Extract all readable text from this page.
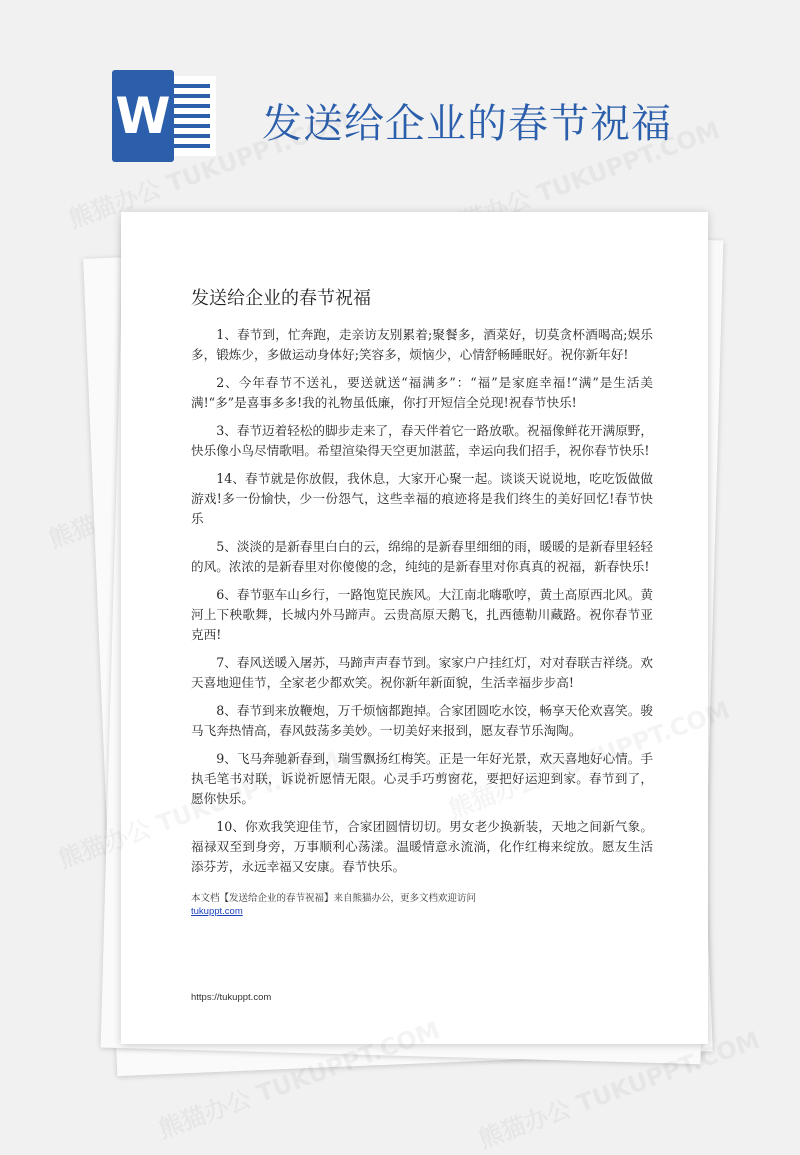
W 发送给企业的春节祝福
发送给企业的春节祝福

1、春节到，忙奔跑，走亲访友别累着;聚餐多，酒菜好，切莫贪杯酒喝高;娱乐多，锻炼少，多做运动身体好;笑容多，烦恼少，心情舒畅睡眠好。祝你新年好!

2、今年春节不送礼，要送就送“福满多”：“福”是家庭幸福!“满”是生活美满!“多”是喜事多多!我的礼物虽低廉，你打开短信全兑现!祝春节快乐!

3、春节迈着轻松的脚步走来了，春天伴着它一路放歌。祝福像鲜花开满原野，快乐像小鸟尽情歌唱。希望渲染得天空更加湛蓝，幸运向我们招手，祝你春节快乐!

14、春节就是你放假，我休息，大家开心聚一起。谈谈天说说地，吃吃饭做做游戏!多一份愉快，少一份怨气，这些幸福的痕迹将是我们终生的美好回忆!春节快乐

5、淡淡的是新春里白白的云，绵绵的是新春里细细的雨，暖暖的是新春里轻轻的风。浓浓的是新春里对你傻傻的念，纯纯的是新春里对你真真的祝福，新春快乐!

6、春节驱车山乡行，一路饱览民族风。大江南北嗨歌哼，黄土高原西北风。黄河上下秧歌舞，长城内外马蹄声。云贵高原天鹅飞，扎西德勒川藏路。祝你春节亚克西!

7、春风送暖入屠苏，马蹄声声春节到。家家户户挂红灯，对对春联吉祥绕。欢天喜地迎佳节，全家老少都欢笑。祝你新年新面貌，生活幸福步步高!

8、春节到来放鞭炮，万千烦恼都跑掉。合家团圆吃水饺，畅享天伦欢喜笑。骏马飞奔热情高，春风鼓荡多美妙。一切美好来报到，愿友春节乐淘陶。

9、飞马奔驰新春到，瑞雪飘扬红梅笑。正是一年好光景，欢天喜地好心情。手执毛笔书对联，诉说祈愿情无限。心灵手巧剪窗花，要把好运迎到家。春节到了，愿你快乐。

10、你欢我笑迎佳节，合家团圆情切切。男女老少换新装，天地之间新气象。福禄双至到身旁，万事顺利心荡漾。温暖情意永流淌，化作红梅来绽放。愿友生活添芬芳，永远幸福又安康。春节快乐。

本文档【发送给企业的春节祝福】来自熊猫办公，更多文档欢迎访问
tukuppt.com
https://tukuppt.com
